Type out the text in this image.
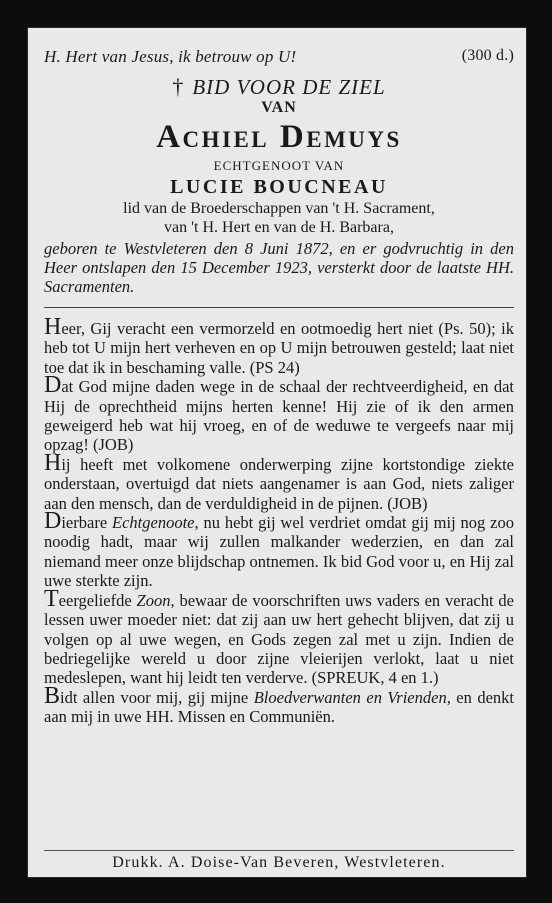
H. Hert van Jesus, ik betrouw op U!	(300 d.)
† BID VOOR DE ZIEL
VAN
Achiel Demuys
ECHTGENOOT VAN
LUCIE BOUCNEAU
lid van de Broederschappen van 't H. Sacrament,
van 't H. Hert en van de H. Barbara,
geboren te Westvleteren den 8 Juni 1872, en er godvruchtig in den Heer ontslapen den 15 December 1923, versterkt door de laatste HH. Sacramenten.

Heer, Gij veracht een vermorzeld en ootmoedig hert niet (Ps. 50); ik heb tot U mijn hert verheven en op U mijn betrouwen gesteld; laat niet toe dat ik in beschaming valle. (PS 24)

Dat God mijne daden wege in de schaal der rechtveerdigheid, en dat Hij de oprechtheid mijns herten kenne! Hij zie of ik den armen geweigerd heb wat hij vroeg, en of de weduwe te vergeefs naar mij opzag! (JOB)

Hij heeft met volkomene onderwerping zijne kortstondige ziekte onderstaan, overtuigd dat niets aangenamer is aan God, niets zaliger aan den mensch, dan de verduldigheid in de pijnen. (JOB)

Dierbare Echtgenoote, nu hebt gij wel verdriet omdat gij mij nog zoo noodig hadt, maar wij zullen malkander wederzien, en dan zal niemand meer onze blijdschap ontnemen. Ik bid God voor u, en Hij zal uwe sterkte zijn.

Teergeliefde Zoon, bewaar de voorschriften uws vaders en veracht de lessen uwer moeder niet: dat zij aan uw hert gehecht blijven, dat zij u volgen op al uwe wegen, en Gods zegen zal met u zijn. Indien de bedriegelijke wereld u door zijne vleierijen verlokt, laat u niet medeslepen, want hij leidt ten verderve. (SPREUK, 4 en 1.)

Bidt allen voor mij, gij mijne Bloedverwanten en Vrienden, en denkt aan mij in uwe HH. Missen en Communiën.

Drukk. A. Doise-Van Beveren, Westvleteren.
